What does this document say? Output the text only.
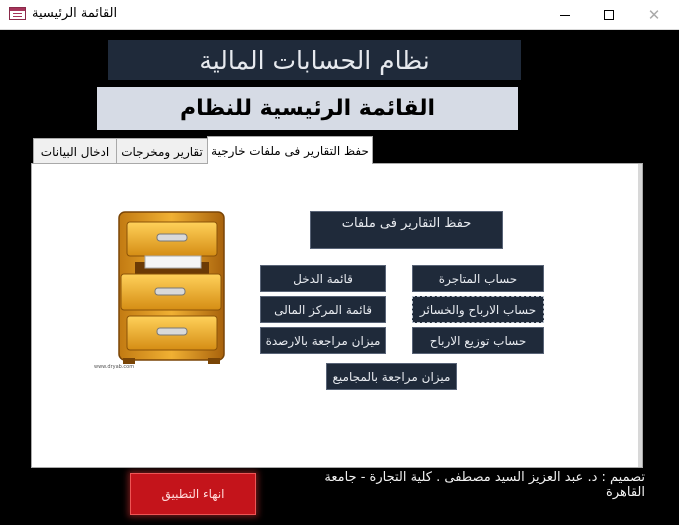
القائمة الرئيسية	✕
نظام الحسابات المالية
القائمة الرئيسية للنظام
ادخال البيانات تقارير ومخرجات حفظ التقارير فى ملفات خارجية
www.dryab.com
حفظ التقارير فى ملفات
قائمة الدخل	حساب المتاجرة
قائمة المركز المالى	حساب الارباح والخسائر
ميزان مراجعة بالارصدة	حساب توزيع الارباح
ميزان مراجعة بالمجاميع
تصميم : د. عبد العزيز السيد مصطفى . كلية التجارة - جامعة القاهرة
انهاء التطبيق
